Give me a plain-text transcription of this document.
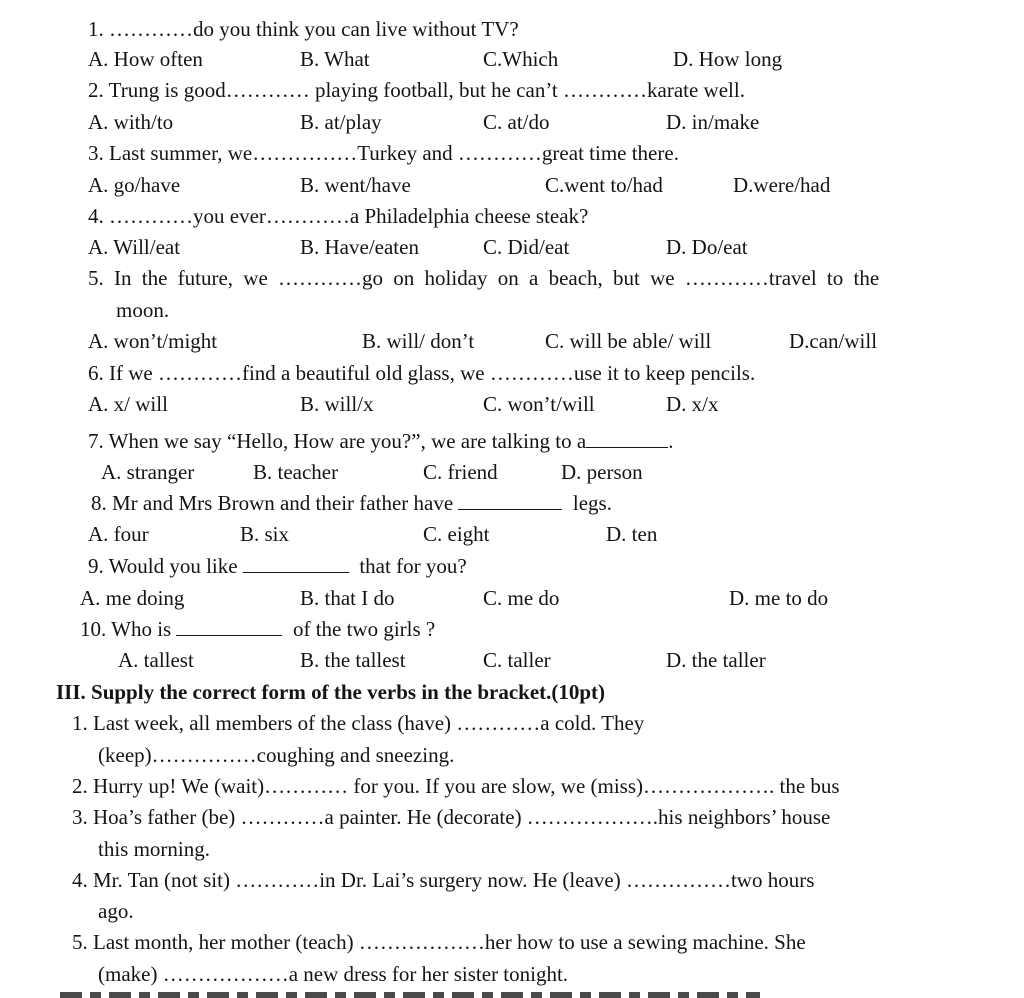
1. …………do you think you can live without TV?
A. How often	B. What	C.Which	D. How long
2. Trung is good………… playing football, but he can’t …………karate well.
A. with/to	B. at/play	C. at/do	D. in/make
3. Last summer, we……………Turkey and …………great time there.
A. go/have	B. went/have	C.went to/had	D.were/had
4. …………you ever…………a Philadelphia cheese steak?
A. Will/eat	B. Have/eaten	C. Did/eat	D. Do/eat
5. In the future, we …………go on holiday on a beach, but we …………travel to the
moon.
A. won’t/might	B. will/ don’t	C. will be able/ will	D.can/will
6. If we …………find a beautiful old glass, we …………use it to keep pencils.
A. x/ will	B. will/x	C. won’t/will	D. x/x
7. When we say “Hello, How are you?”, we are talking to a	.
A. stranger	B. teacher	C. friend	D. person
8. Mr and Mrs Brown and their father have	legs.
A. four	B. six	C. eight	D. ten
9. Would you like	that for you?
A. me doing	B. that I do	C. me do	D. me to do
10. Who is	of the two girls ?
A. tallest	B. the tallest	C. taller	D. the taller
III. Supply the correct form of the verbs in the bracket.(10pt)
1. Last week, all members of the class (have) …………a cold. They
(keep)……………coughing and sneezing.
2. Hurry up! We (wait)………… for you. If you are slow, we (miss)………………. the bus
3. Hoa’s father (be) …………a painter. He (decorate) ……………….his neighbors’ house
this morning.
4. Mr. Tan (not sit) …………in Dr. Lai’s surgery now. He (leave) ……………two hours
ago.
5. Last month, her mother (teach) ………………her how to use a sewing machine. She
(make) ………………a new dress for her sister tonight.
